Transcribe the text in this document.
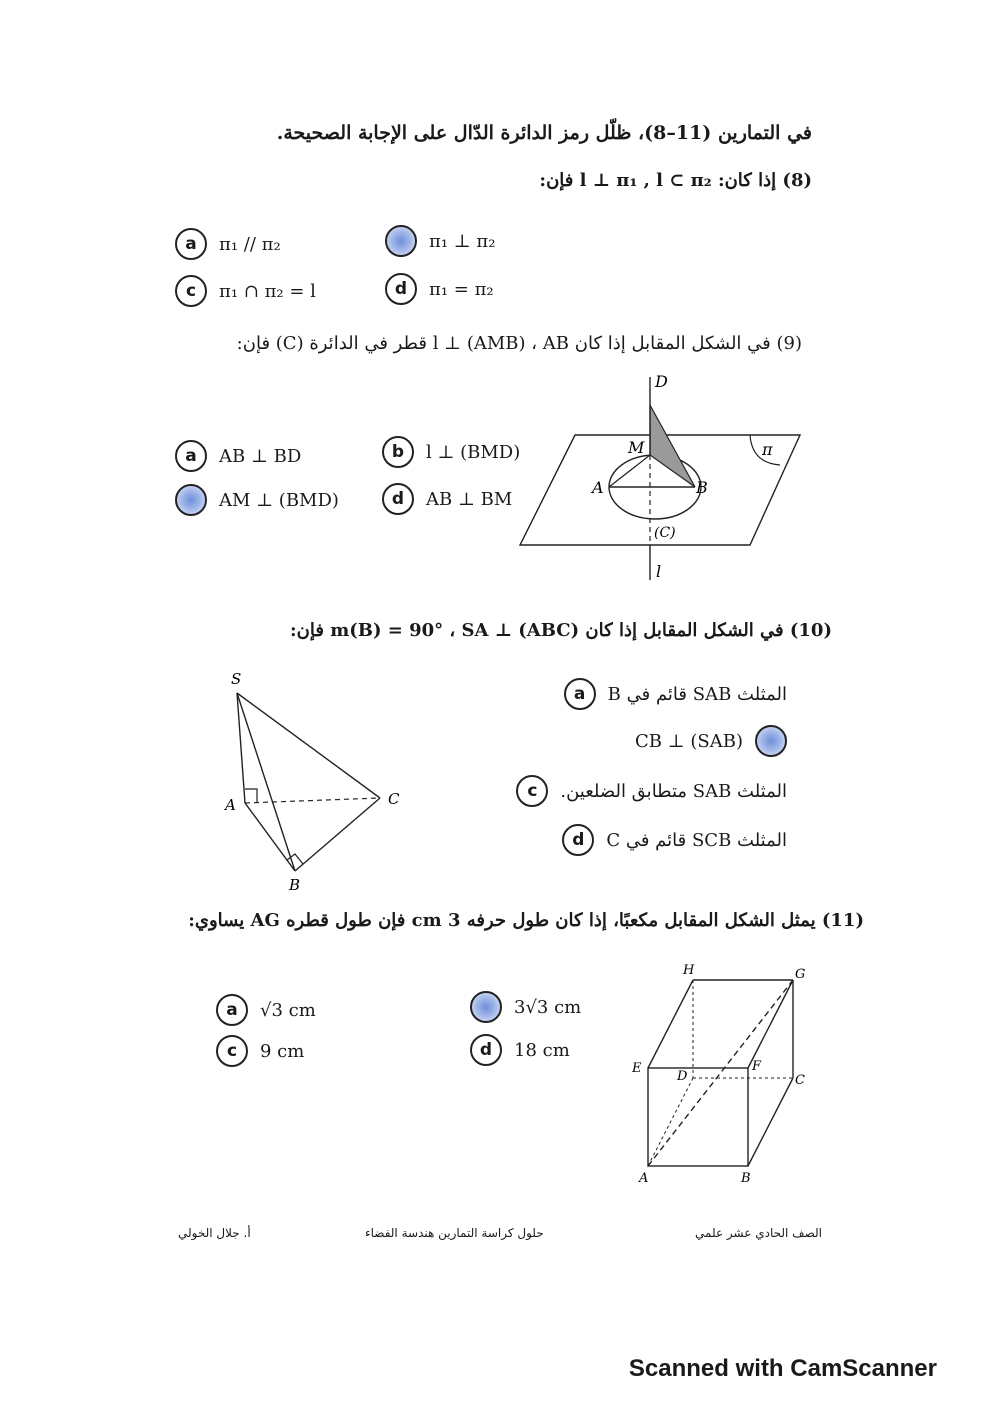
في التمارين (11–8)، ظلّل رمز الدائرة الدّال على الإجابة الصحيحة.
(8) إذا كان: l ⊥ π₁ , l ⊂ π₂ فإن:
a	π₁ // π₂	π₁ ⊥ π₂
c	π₁ ∩ π₂ = l	d	π₁ = π₂
(9) في الشكل المقابل إذا كان l ⊥ (AMB) ، AB قطر في الدائرة (C) فإن:
a	AB ⊥ BD	b	l ⊥ (BMD)
AM ⊥ (BMD)	d	AB ⊥ BM
π
D
M
A	B
(C)
l
(10) في الشكل المقابل إذا كان m(B) = 90° ، SA ⊥ (ABC) فإن:
a	المثلث SAB قائم في B
CB ⊥ (SAB)
c	المثلث SAB متطابق الضلعين.
d	المثلث SCB قائم في C
S
A
B
C
(11) يمثل الشكل المقابل مكعبًا، إذا كان طول حرفه 3 cm فإن طول قطره AG يساوي:
a	√3 cm	3√3 cm
c	9 cm	d	18 cm
H	G
E	F
D	C
A	B
الصف الحادي عشر علمي
حلول كراسة التمارين هندسة الفضاء
أ. جلال الخولي
Scanned with CamScanner
